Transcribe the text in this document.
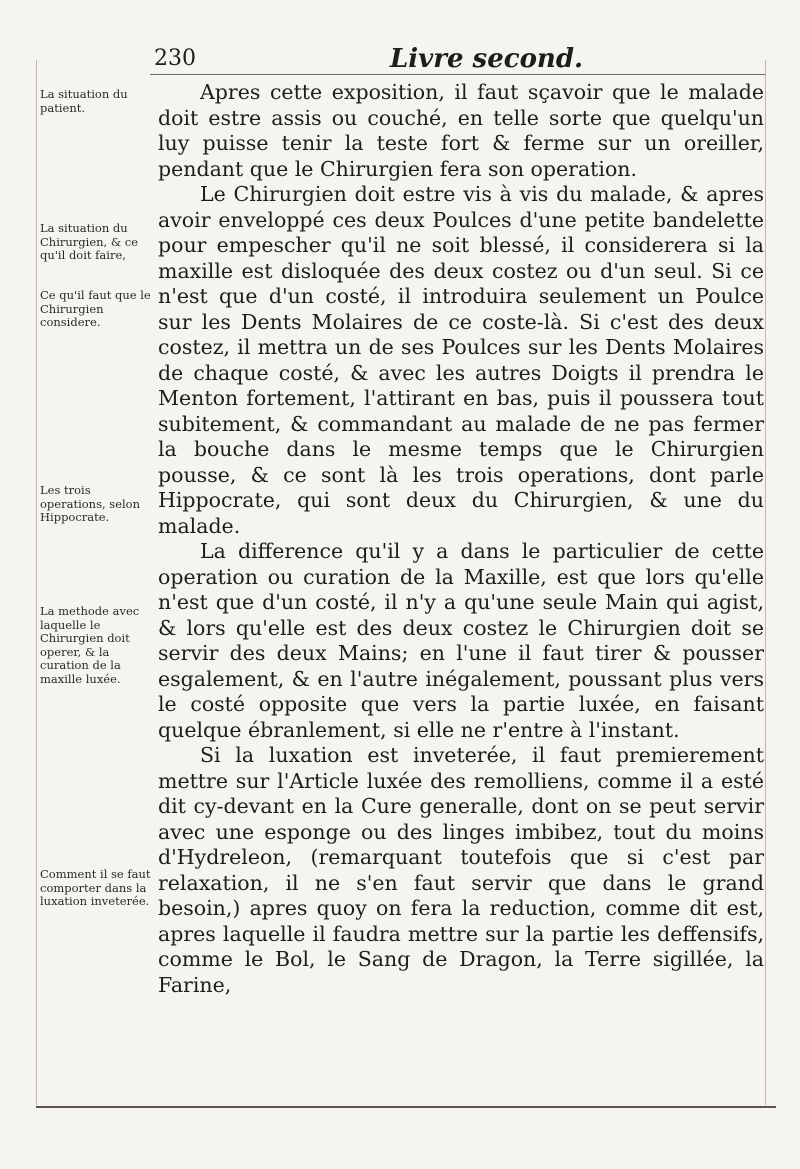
230	Livre second.
La situation du patient.
La situation du Chirurgien, & ce qu'il doit faire,
Ce qu'il faut que le Chirurgien considere.
Les trois operations, selon Hippocrate.
La methode avec laquelle le Chirurgien doit operer, & la curation de la maxille luxée.
Comment il se faut comporter dans la luxation inveterée.

Apres cette exposition, il faut sçavoir que le malade doit estre assis ou couché, en telle sorte que quelqu'un luy puisse tenir la teste fort & ferme sur un oreiller, pendant que le Chirurgien fera son operation.

Le Chirurgien doit estre vis à vis du malade, & apres avoir enveloppé ces deux Poulces d'une petite bandelette pour empescher qu'il ne soit blessé, il considerera si la maxille est disloquée des deux costez ou d'un seul. Si ce n'est que d'un costé, il introduira seulement un Poulce sur les Dents Molaires de ce coste-là. Si c'est des deux costez, il mettra un de ses Poulces sur les Dents Molaires de chaque costé, & avec les autres Doigts il prendra le Menton fortement, l'attirant en bas, puis il poussera tout subitement, & commandant au malade de ne pas fermer la bouche dans le mesme temps que le Chirurgien pousse, & ce sont là les trois operations, dont parle Hippocrate, qui sont deux du Chirurgien, & une du malade.

La difference qu'il y a dans le particulier de cette operation ou curation de la Maxille, est que lors qu'elle n'est que d'un costé, il n'y a qu'une seule Main qui agist, & lors qu'elle est des deux costez le Chirurgien doit se servir des deux Mains; en l'une il faut tirer & pousser esgalement, & en l'autre inégalement, poussant plus vers le costé opposite que vers la partie luxée, en faisant quelque ébranlement, si elle ne r'entre à l'instant.

Si la luxation est inveterée, il faut premierement mettre sur l'Article luxée des remolliens, comme il a esté dit cy-devant en la Cure generalle, dont on se peut servir avec une esponge ou des linges imbibez, tout du moins d'Hydreleon, (remarquant toutefois que si c'est par relaxation, il ne s'en faut servir que dans le grand besoin,) apres quoy on fera la reduction, comme dit est, apres laquelle il faudra mettre sur la partie les deffensifs, comme le Bol, le Sang de Dragon, la Terre sigillée, la Farine,
